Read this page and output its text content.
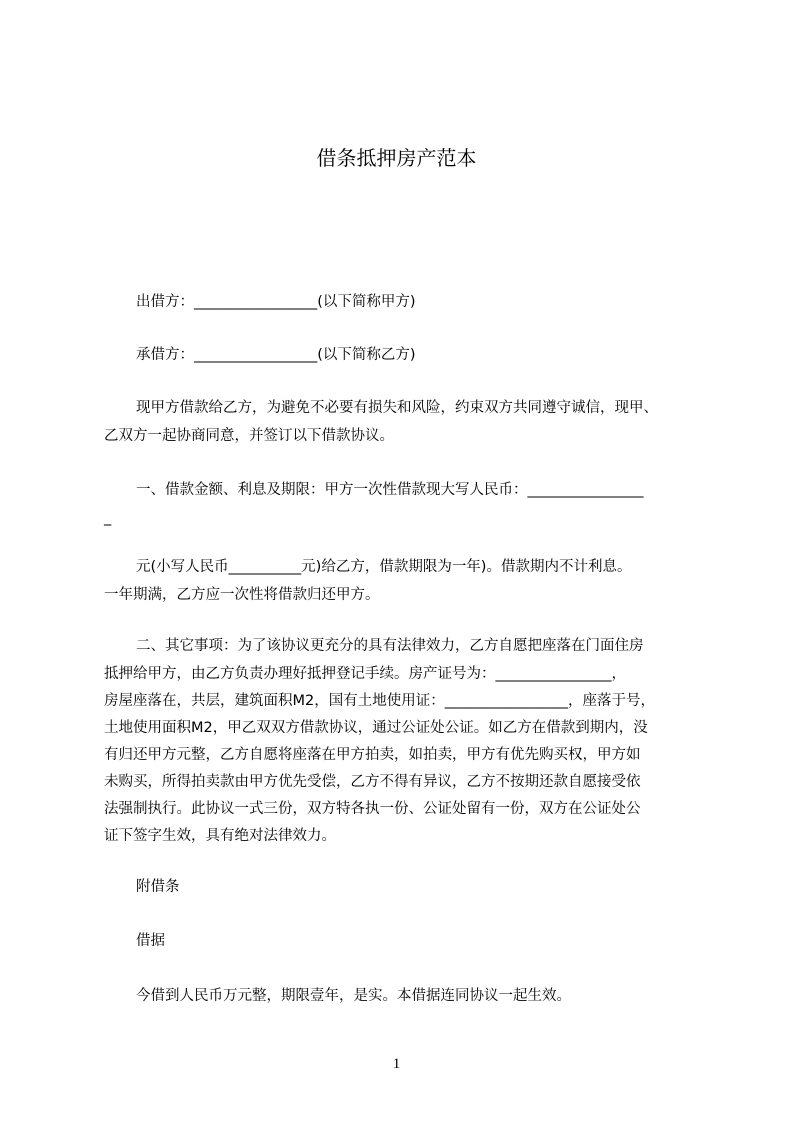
借条抵押房产范本
出借方：_________________(以下简称甲方)
承借方：_________________(以下简称乙方)
现甲方借款给乙方，为避免不必要有损失和风险，约束双方共同遵守诚信，现甲、
乙双方一起协商同意，并签订以下借款协议。
一、借款金额、利息及期限：甲方一次性借款现大写人民币：________________
_
元(小写人民币__________元)给乙方，借款期限为一年)。借款期内不计利息。
一年期满，乙方应一次性将借款归还甲方。
二、其它事项：为了该协议更充分的具有法律效力，乙方自愿把座落在门面住房
抵押给甲方，由乙方负责办理好抵押登记手续。房产证号为：________________，
房屋座落在，共层，建筑面积M2，国有土地使用证：_________________，座落于号，
土地使用面积M2，甲乙双双方借款协议，通过公证处公证。如乙方在借款到期内，没
有归还甲方元整，乙方自愿将座落在甲方拍卖，如拍卖，甲方有优先购买权，甲方如
未购买，所得拍卖款由甲方优先受偿，乙方不得有异议，乙方不按期还款自愿接受依
法强制执行。此协议一式三份，双方特各执一份、公证处留有一份，双方在公证处公
证下签字生效，具有绝对法律效力。
附借条
借据
今借到人民币万元整，期限壹年，是实。本借据连同协议一起生效。
1
